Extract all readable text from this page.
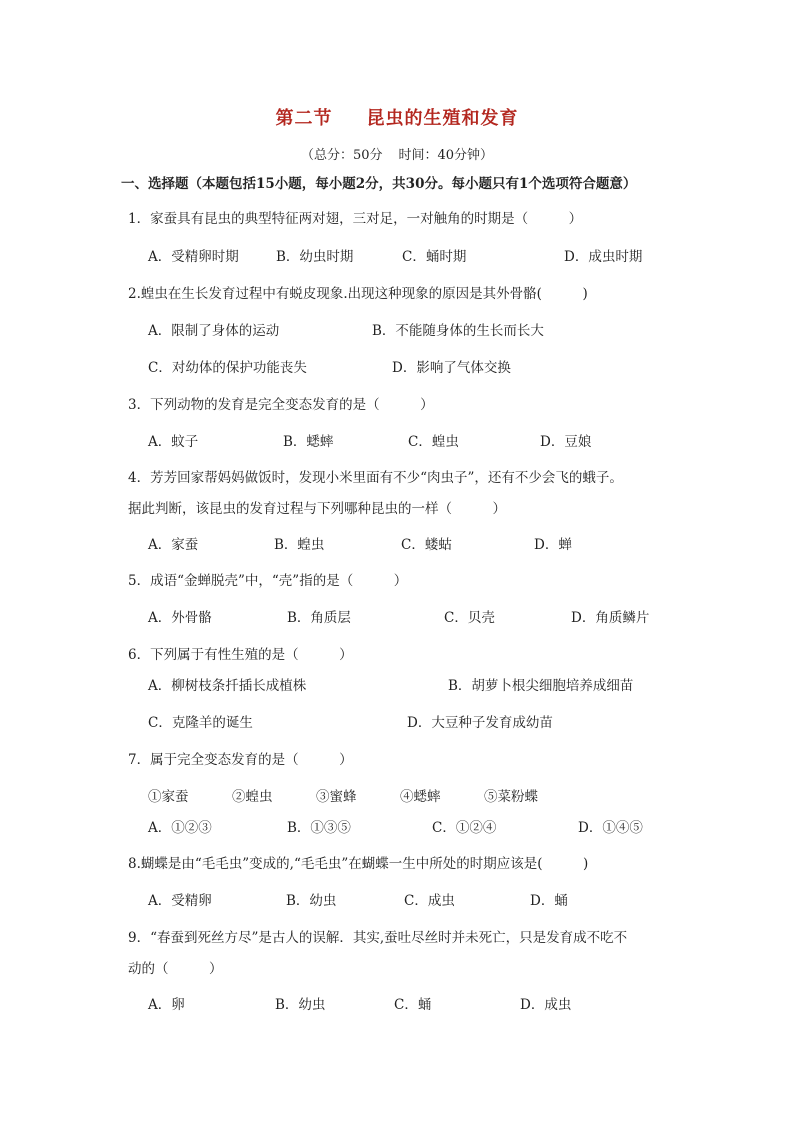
第二节 昆虫的生殖和发育
（总分：50分 时间：40分钟）
一、选择题（本题包括15小题，每小题2分，共30分。每小题只有1个选项符合题意）
1．家蚕具有昆虫的典型特征两对翅，三对足，一对触角的时期是（　　　）
A．受精卵时期	B．幼虫时期	C．蛹时期	D．成虫时期
2.蝗虫在生长发育过程中有蜕皮现象.出现这种现象的原因是其外骨骼(　　　)
A．限制了身体的运动	B．不能随身体的生长而长大
C．对幼体的保护功能丧失	D．影响了气体交换
3．下列动物的发育是完全变态发育的是（　　　）
A．蚊子	B．蟋蟀	C．蝗虫	D．豆娘
4．芳芳回家帮妈妈做饭时，发现小米里面有不少“肉虫子”，还有不少会飞的蛾子。
据此判断，该昆虫的发育过程与下列哪种昆虫的一样（　　　）
A．家蚕	B．蝗虫	C．蝼蛄	D．蝉
5．成语“金蝉脱壳”中，“壳”指的是（　　　）
A．外骨骼	B．角质层	C．贝壳	D．角质鳞片
6．下列属于有性生殖的是（　　　）
A．柳树枝条扦插长成植株	B．胡萝卜根尖细胞培养成细苗
C．克隆羊的诞生	D．大豆种子发育成幼苗
7．属于完全变态发育的是（　　　）
①家蚕	②蝗虫	③蜜蜂	④蟋蟀	⑤菜粉蝶
A．①②③	B．①③⑤	C．①②④	D．①④⑤
8.蝴蝶是由“毛毛虫”变成的,“毛毛虫”在蝴蝶一生中所处的时期应该是(　　　)
A．受精卵	B．幼虫	C．成虫	D．蛹
9．“春蚕到死丝方尽”是古人的误解．其实,蚕吐尽丝时并未死亡，只是发育成不吃不
动的（　　　）
A．卵	B．幼虫	C．蛹	D．成虫
